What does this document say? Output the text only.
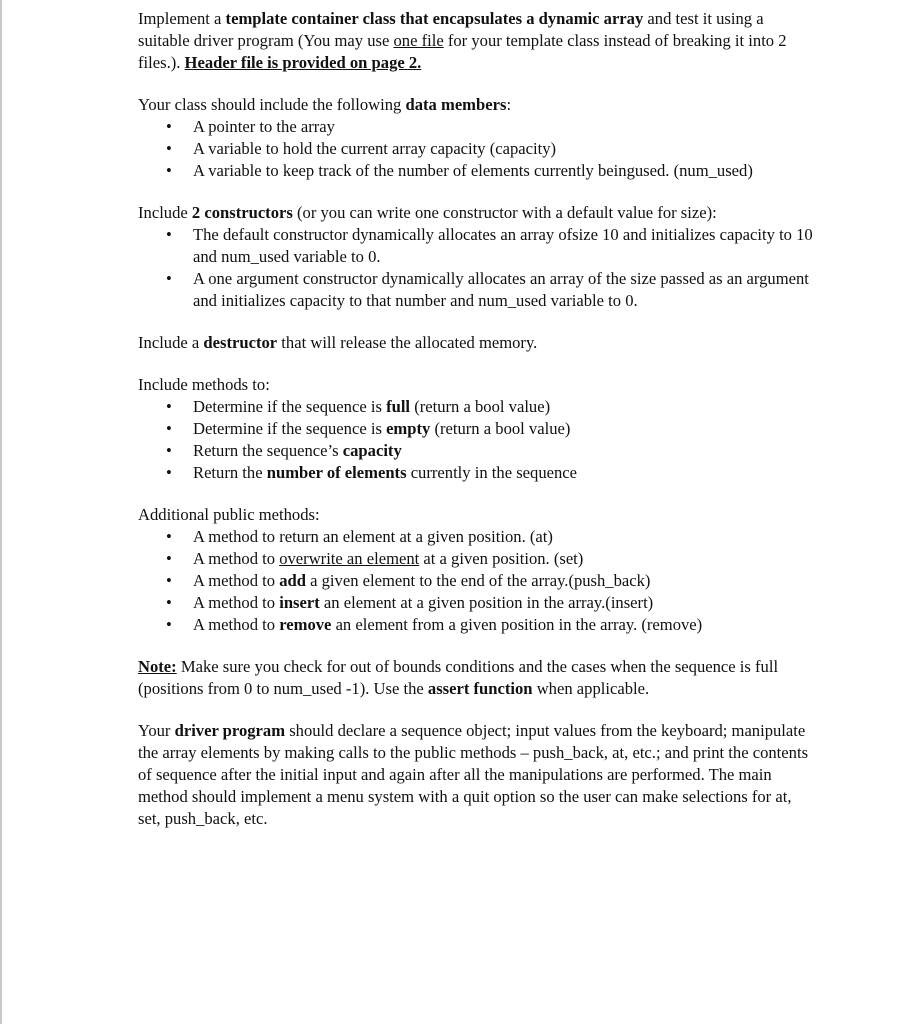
Implement a template container class that encapsulates a dynamic array and test it using a suitable driver program (You may use one file for your template class instead of breaking it into 2 files.). Header file is provided on page 2.

Your class should include the following data members:

• A pointer to the array
• A variable to hold the current array capacity (capacity)
• A variable to keep track of the number of elements currently beingused. (num_used)

Include 2 constructors (or you can write one constructor with a default value for size):

• The default constructor dynamically allocates an array ofsize 10 and initializes capacity to 10 and num_used variable to 0.
• A one argument constructor dynamically allocates an array of the size passed as an argument and initializes capacity to that number and num_used variable to 0.

Include a destructor that will release the allocated memory.

Include methods to:

• Determine if the sequence is full (return a bool value)
• Determine if the sequence is empty (return a bool value)
• Return the sequence’s capacity
• Return the number of elements currently in the sequence

Additional public methods:

• A method to return an element at a given position. (at)
• A method to overwrite an element at a given position. (set)
• A method to add a given element to the end of the array.(push_back)
• A method to insert an element at a given position in the array.(insert)
• A method to remove an element from a given position in the array. (remove)

Note: Make sure you check for out of bounds conditions and the cases when the sequence is full (positions from 0 to num_used -1). Use the assert function when applicable.

Your driver program should declare a sequence object; input values from the keyboard; manipulate the array elements by making calls to the public methods – push_back, at, etc.; and print the contents of sequence after the initial input and again after all the manipulations are performed. The main method should implement a menu system with a quit option so the user can make selections for at, set, push_back, etc.
